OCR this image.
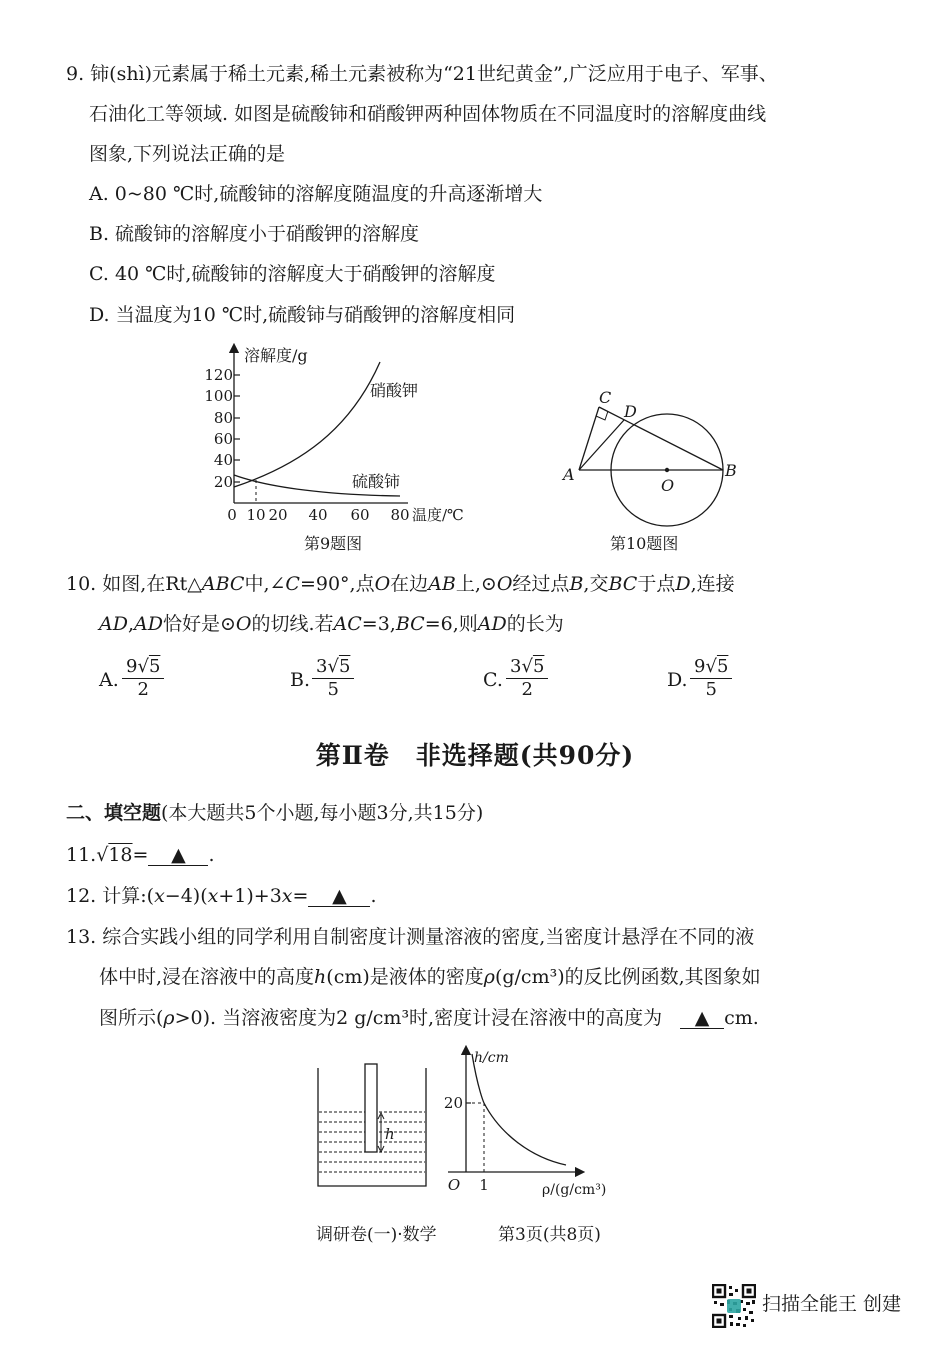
9. 铈(shì)元素属于稀土元素,稀土元素被称为“21世纪黄金”,广泛应用于电子、军事、
石油化工等领域. 如图是硫酸铈和硝酸钾两种固体物质在不同温度时的溶解度曲线
图象,下列说法正确的是
A. 0~80 ℃时,硫酸铈的溶解度随温度的升高逐渐增大
B. 硫酸铈的溶解度小于硝酸钾的溶解度
C. 40 ℃时,硫酸铈的溶解度大于硝酸钾的溶解度
D. 当温度为10 ℃时,硫酸铈与硝酸钾的溶解度相同
溶解度/g
120
100
80
60
40
20
0 10 20 40 60 80 温度/℃
硝酸钾
硫酸铈
第9题图
C
D
A
O
B
第10题图
10. 如图,在Rt△ABC中,∠C=90°,点O在边AB上,⊙O经过点B,交BC于点D,连接
AD,AD恰好是⊙O的切线.若AC=3,BC=6,则AD的长为
A. $\frac{9√5}{2}$	B. $\frac{3√5}{5}$	C. $\frac{3√5}{2}$	D. $\frac{9√5}{5}$
第Ⅱ卷　非选择题(共90分)
二、填空题(本大题共5个小题,每小题3分,共15分)
11.√18= ▲ .
12. 计算:(x−4)(x+1)+3x= ▲ .
13. 综合实践小组的同学利用自制密度计测量溶液的密度,当密度计悬浮在不同的液
体中时,浸在溶液中的高度h(cm)是液体的密度ρ(g/cm³)的反比例函数,其图象如
图所示(ρ>0). 当溶液密度为2 g/cm³时,密度计浸在溶液中的高度为 ▲ cm.
h
h/cm
20
1
O	ρ/(g/cm³)
调研卷(一)·数学	第3页(共8页)
扫描全能王 创建
